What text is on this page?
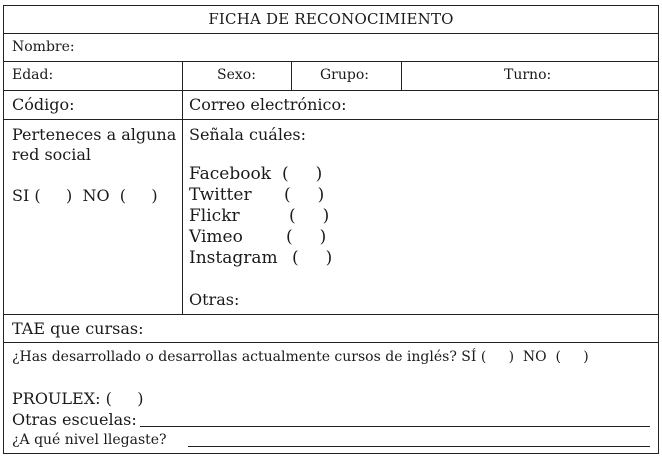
FICHA DE RECONOCIMIENTO
Nombre:
Edad:	Sexo:	Grupo:	Turno:
Código:	Correo electrónico:
Perteneces a alguna
red social
SI (     )  NO  (     )
Señala cuáles:
Facebook (     )
Twitter (     )
Flickr	(     )
Vimeo	(     )
Instagram (     )
Otras:
TAE que cursas:
¿Has desarrollado o desarrollas actualmente cursos de inglés? SÍ (     )  NO  (     )
PROULEX: (     )
Otras escuelas:
¿A qué nivel llegaste?
